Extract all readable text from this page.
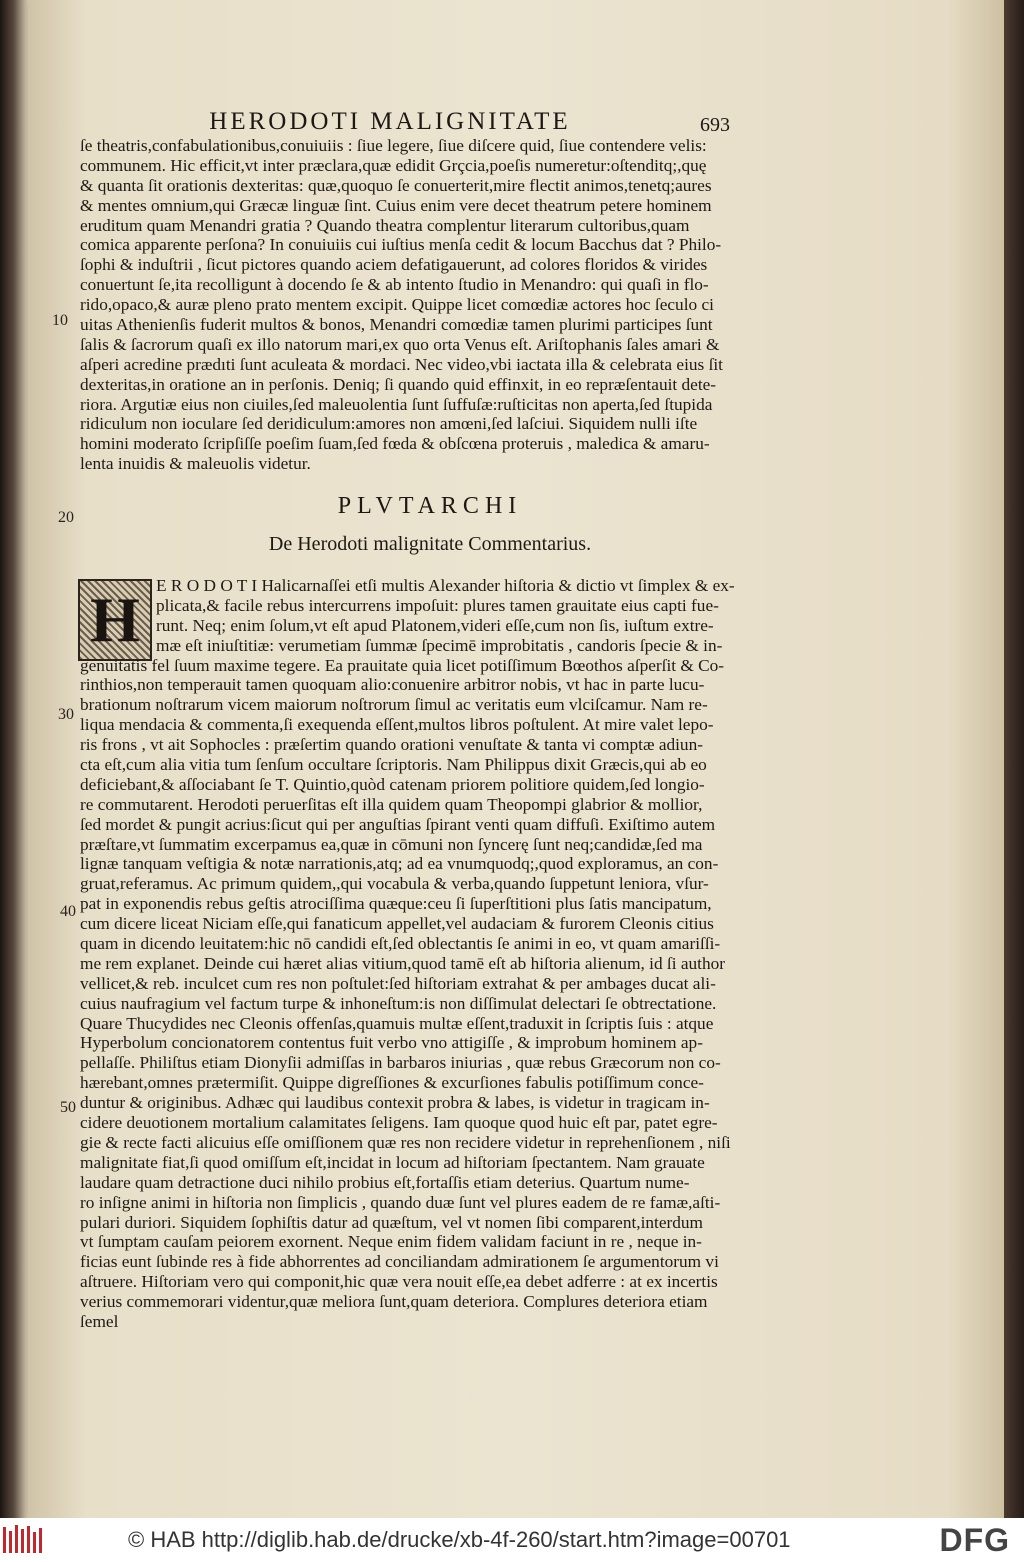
HERODOTI MALIGNITATE	693
ſe theatris,confabulationibus,conuiuiis : ſiue legere, ſiue diſcere quid, ſiue contendere velis:
communem. Hic efficit,vt inter præclara,quæ edidit Grçcia,poeſis numeretur:oſtenditq;,quę
& quanta ſit orationis dexteritas: quæ,quoquo ſe conuerterit,mire flectit animos,tenetq;aures
& mentes omnium,qui Græcæ linguæ ſint. Cuius enim vere decet theatrum petere hominem
eruditum quam Menandri gratia ? Quando theatra complentur literarum cultoribus,quam
comica apparente perſona? In conuiuiis cui iuſtius menſa cedit & locum Bacchus dat ? Philo-
ſophi & induſtrii , ſicut pictores quando aciem defatigauerunt, ad colores floridos & virides
conuertunt ſe,ita recolligunt à docendo ſe & ab intento ſtudio in Menandro: qui quaſi in flo-
rido,opaco,& auræ pleno prato mentem excipit. Quippe licet comœdiæ actores hoc ſeculo ci
uitas Athenienſis fuderit multos & bonos, Menandri comœdiæ tamen plurimi participes ſunt
ſalis & ſacrorum quaſi ex illo natorum mari,ex quo orta Venus eſt. Ariſtophanis ſales amari &
aſperi acredine prædıti ſunt aculeata & mordaci. Nec video,vbi iactata illa & celebrata eius ſit
dexteritas,in oratione an in perſonis. Deniq; ſi quando quid effinxit, in eo repræſentauit dete-
riora. Argutiæ eius non ciuiles,ſed maleuolentia ſunt ſuffuſæ:ruſticitas non aperta,ſed ſtupida
ridiculum non ioculare ſed deridiculum:amores non amœni,ſed laſciui. Siquidem nulli iſte
homini moderato ſcripſiſſe poeſim ſuam,ſed fœda & obſcœna proteruis , maledica & amaru-
lenta inuidis & maleuolis videtur.
PLVTARCHI
De Herodoti malignitate Commentarius.
H E R O D O T I Halicarnaſſei etſi multis Alexander hiſtoria & dictio vt ſimplex & ex-
plicata,& facile rebus intercurrens impoſuit: plures tamen grauitate eius capti fue-
runt. Neq; enim ſolum,vt eſt apud Platonem,videri eſſe,cum non ſis, iuſtum extre-
mæ eſt iniuſtitiæ: verumetiam ſummæ ſpecimē improbitatis , candoris ſpecie & in-
genuitatis fel ſuum maxime tegere. Ea prauitate quia licet potiſſimum Bœothos aſperſit & Co-
rinthios,non temperauit tamen quoquam alio:conuenire arbitror nobis, vt hac in parte lucu-
brationum noſtrarum vicem maiorum noſtrorum ſimul ac veritatis eum vlciſcamur. Nam re-
liqua mendacia & commenta,ſi exequenda eſſent,multos libros poſtulent. At mire valet lepo-
ris frons , vt ait Sophocles : præſertim quando orationi venuſtate & tanta vi comptæ adiun-
cta eſt,cum alia vitia tum ſenſum occultare ſcriptoris. Nam Philippus dixit Græcis,qui ab eo
deficiebant,& aſſociabant ſe T. Quintio,quòd catenam priorem politiore quidem,ſed longio-
re commutarent. Herodoti peruerſitas eſt illa quidem quam Theopompi glabrior & mollior,
ſed mordet & pungit acrius:ſicut qui per anguſtias ſpirant venti quam diffuſi. Exiſtimo autem
præſtare,vt ſummatim excerpamus ea,quæ in cōmuni non ſyncerę ſunt neq;candidæ,ſed ma
lignæ tanquam veſtigia & notæ narrationis,atq; ad ea vnumquodq;,quod exploramus, an con-
gruat,referamus. Ac primum quidem,,qui vocabula & verba,quando ſuppetunt leniora, vſur-
pat in exponendis rebus geſtis atrociſſima quæque:ceu ſi ſuperſtitioni plus ſatis mancipatum,
cum dicere liceat Niciam eſſe,qui fanaticum appellet,vel audaciam & furorem Cleonis citius
quam in dicendo leuitatem:hic nō candidi eſt,ſed oblectantis ſe animi in eo, vt quam amariſſi-
me rem explanet. Deinde cui hæret alias vitium,quod tamē eſt ab hiſtoria alienum, id ſi author
vellicet,& reb. inculcet cum res non poſtulet:ſed hiſtoriam extrahat & per ambages ducat ali-
cuius naufragium vel factum turpe & inhoneſtum:is non diſſimulat delectari ſe obtrectatione.
Quare Thucydides nec Cleonis offenſas,quamuis multæ eſſent,traduxit in ſcriptis ſuis : atque
Hyperbolum concionatorem contentus fuit verbo vno attigiſſe , & improbum hominem ap-
pellaſſe. Philiſtus etiam Dionyſii admiſſas in barbaros iniurias , quæ rebus Græcorum non co-
hærebant,omnes prætermiſit. Quippe digreſſiones & excurſiones fabulis potiſſimum conce-
duntur & originibus. Adhæc qui laudibus contexit probra & labes, is videtur in tragicam in-
cidere deuotionem mortalium calamitates ſeligens. Iam quoque quod huic eſt par, patet egre-
gie & recte facti alicuius eſſe omiſſionem quæ res non recidere videtur in reprehenſionem , niſi
malignitate fiat,ſi quod omiſſum eſt,incidat in locum ad hiſtoriam ſpectantem. Nam grauate
laudare quam detractione duci nihilo probius eſt,fortaſſis etiam deterius. Quartum nume-
ro inſigne animi in hiſtoria non ſimplicis , quando duæ ſunt vel plures eadem de re famæ,aſti-
pulari duriori. Siquidem ſophiſtis datur ad quæſtum, vel vt nomen ſibi comparent,interdum
vt ſumptam cauſam peiorem exornent. Neque enim fidem validam faciunt in re , neque in-
ficias eunt ſubinde res à fide abhorrentes ad conciliandam admirationem ſe argumentorum vi
aſtruere. Hiſtoriam vero qui componit,hic quæ vera nouit eſſe,ea debet adferre : at ex incertis
verius commemorari videntur,quæ meliora ſunt,quam deteriora. Complures deteriora etiam
ſemel
10
20
30
40
50
© HAB http://diglib.hab.de/drucke/xb-4f-260/start.htm?image=00701	DFG
